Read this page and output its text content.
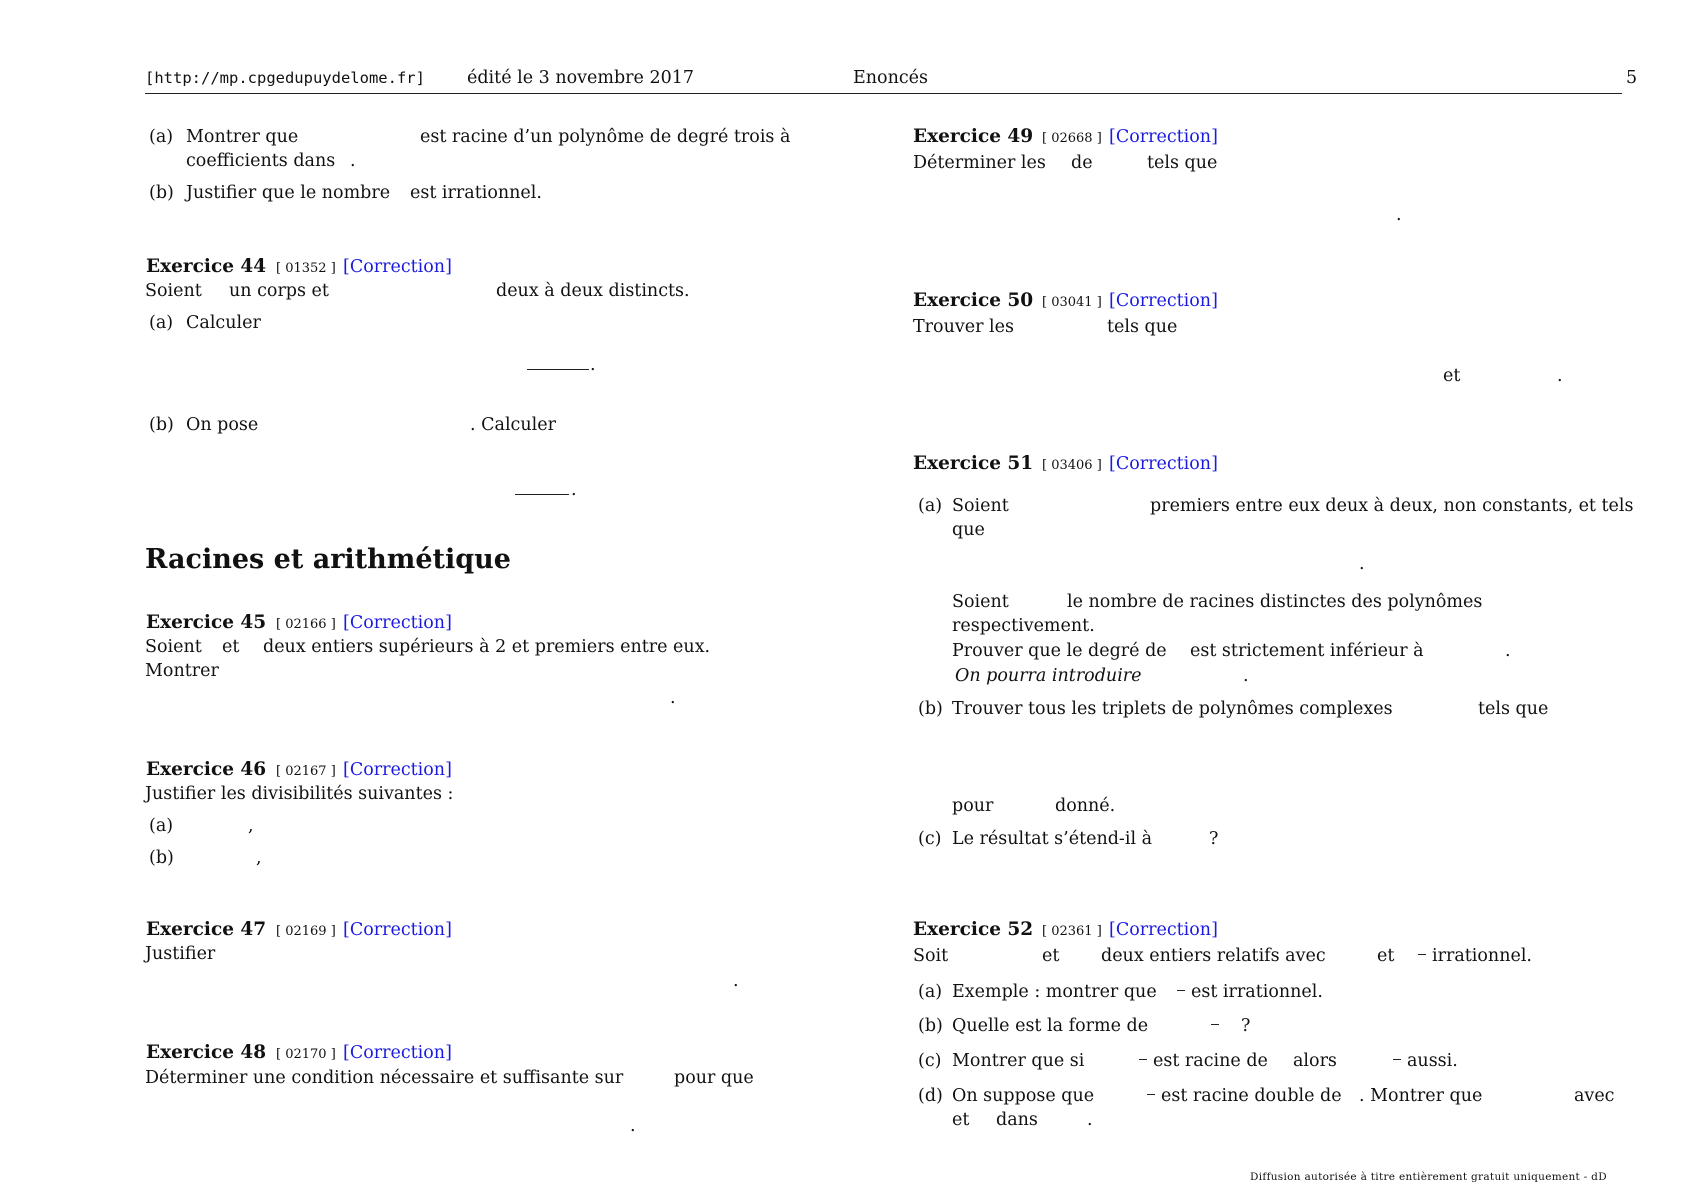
[http://mp.cpgedupuydelome.fr] édité le 3 novembre 2017	Enoncés	5
(a) Montrer que	est racine d’un polynôme de degré trois à
coefficients dans .
(b) Justifier que le nombre est irrationnel.
Exercice 44 [ 01352 ] [Correction]
Soient un corps et	deux à deux distincts.
(a) Calculer
.
(b) On pose	. Calculer
.
Racines et arithmétique
Exercice 45 [ 02166 ] [Correction]
Soient et deux entiers supérieurs à 2 et premiers entre eux.
Montrer
.
Exercice 46 [ 02167 ] [Correction]
Justifier les divisibilités suivantes :
(a)	,
(b)	,
Exercice 47 [ 02169 ] [Correction]
Justifier
.
Exercice 48 [ 02170 ] [Correction]
Déterminer une condition nécessaire et suffisante sur	pour que
.
Exercice 49 [ 02668 ] [Correction]
Déterminer les de	tels que
.
Exercice 50 [ 03041 ] [Correction]
Trouver les	tels que
et	.
Exercice 51 [ 03406 ] [Correction]
(a) Soient	premiers entre eux deux à deux, non constants, et tels
que
.
Soient	le nombre de racines distinctes des polynômes
respectivement.
Prouver que le degré de est strictement inférieur à	.
On pourra introduire	.
(b) Trouver tous les triplets de polynômes complexes	tels que
pour	donné.
(c) Le résultat s’étend-il à	?
Exercice 52 [ 02361 ] [Correction]
Soit	et deux entiers relatifs avec	et irrationnel.
(a) Exemple : montrer que est irrationnel.
(b) Quelle est la forme de	?
(c) Montrer que si	est racine de alors	aussi.
(d) On suppose que	est racine double de . Montrer que	avec
et dans	.
Diffusion autorisée à titre entièrement gratuit uniquement - dD
